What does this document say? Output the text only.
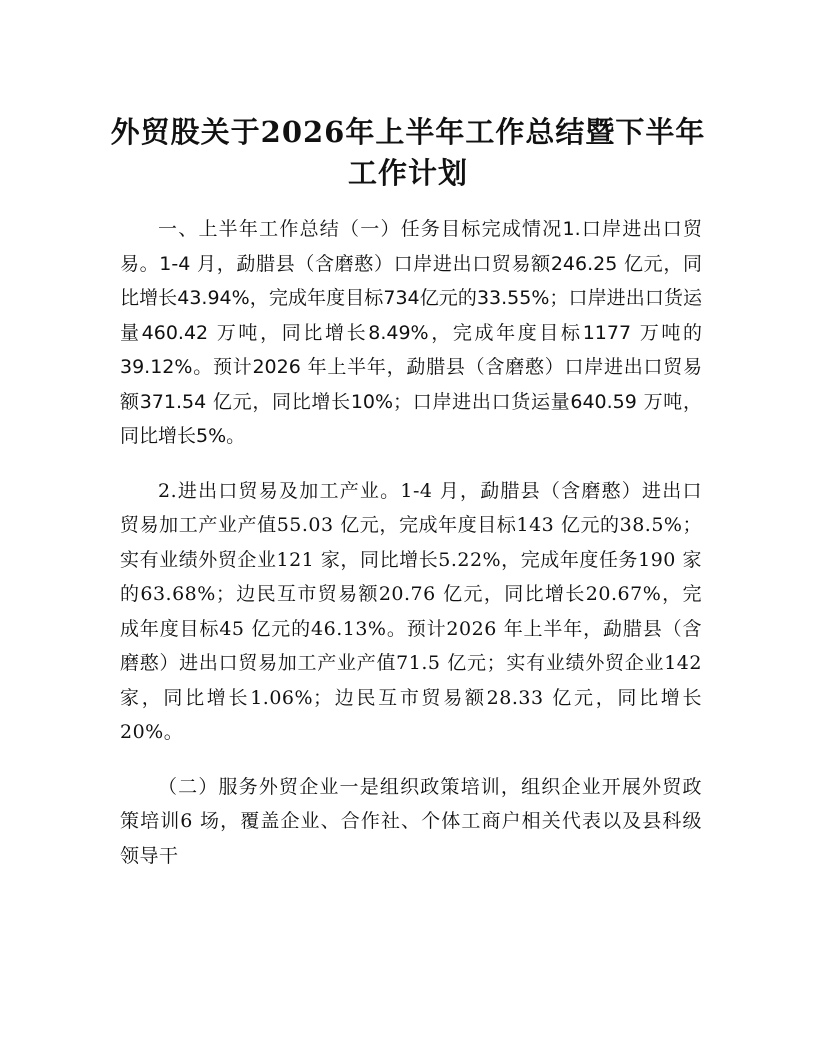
外贸股关于2026年上半年工作总结暨下半年工作计划

一、上半年工作总结（一）任务目标完成情况1.口岸进出口贸易。1-4 月，勐腊县（含磨憨）口岸进出口贸易额246.25 亿元，同比增长43.94%，完成年度目标734亿元的33.55%；口岸进出口货运量460.42 万吨，同比增长8.49%，完成年度目标1177 万吨的39.12%。预计2026 年上半年，勐腊县（含磨憨）口岸进出口贸易额371.54 亿元，同比增长10%；口岸进出口货运量640.59 万吨，同比增长5%。

2.进出口贸易及加工产业。1-4 月，勐腊县（含磨憨）进出口贸易加工产业产值55.03 亿元，完成年度目标143 亿元的38.5%；实有业绩外贸企业121 家，同比增长5.22%，完成年度任务190 家的63.68%；边民互市贸易额20.76 亿元，同比增长20.67%，完成年度目标45 亿元的46.13%。预计2026 年上半年，勐腊县（含磨憨）进出口贸易加工产业产值71.5 亿元；实有业绩外贸企业142 家，同比增长1.06%；边民互市贸易额28.33 亿元，同比增长20%。

（二）服务外贸企业一是组织政策培训，组织企业开展外贸政策培训6 场，覆盖企业、合作社、个体工商户相关代表以及县科级领导干
